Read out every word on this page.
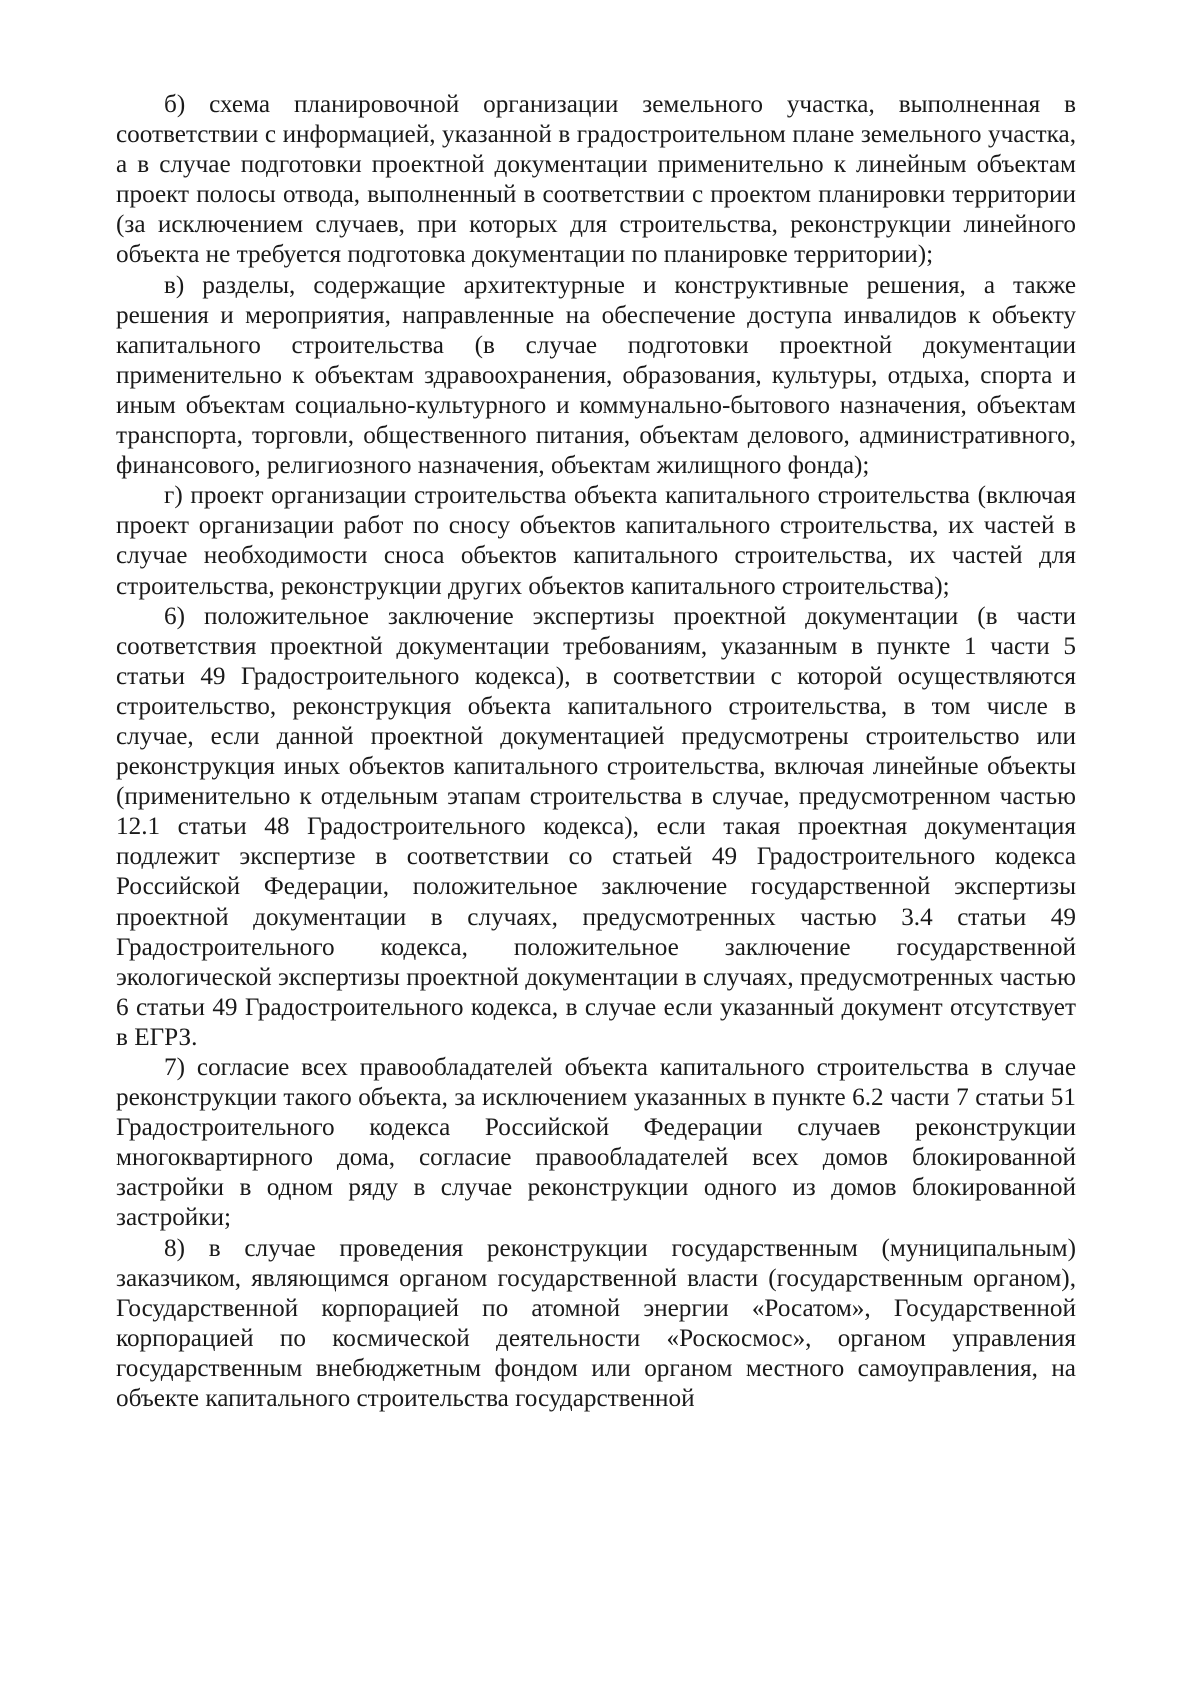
б) схема планировочной организации земельного участка, выполненная в соответствии с информацией, указанной в градостроительном плане земельного участка, а в случае подготовки проектной документации применительно к линейным объектам проект полосы отвода, выполненный в соответствии с проектом планировки территории (за исключением случаев, при которых для строительства, реконструкции линейного объекта не требуется подготовка документации по планировке территории);

в) разделы, содержащие архитектурные и конструктивные решения, а также решения и мероприятия, направленные на обеспечение доступа инвалидов к объекту капитального строительства (в случае подготовки проектной документации применительно к объектам здравоохранения, образования, культуры, отдыха, спорта и иным объектам социально-культурного и коммунально-бытового назначения, объектам транспорта, торговли, общественного питания, объектам делового, административного, финансового, религиозного назначения, объектам жилищного фонда);

г) проект организации строительства объекта капитального строительства (включая проект организации работ по сносу объектов капитального строительства, их частей в случае необходимости сноса объектов капитального строительства, их частей для строительства, реконструкции других объектов капитального строительства);

6) положительное заключение экспертизы проектной документации (в части соответствия проектной документации требованиям, указанным в пункте 1 части 5 статьи 49 Градостроительного кодекса), в соответствии с которой осуществляются строительство, реконструкция объекта капитального строительства, в том числе в случае, если данной проектной документацией предусмотрены строительство или реконструкция иных объектов капитального строительства, включая линейные объекты (применительно к отдельным этапам строительства в случае, предусмотренном частью 12.1 статьи 48 Градостроительного кодекса), если такая проектная документация подлежит экспертизе в соответствии со статьей 49 Градостроительного кодекса Российской Федерации, положительное заключение государственной экспертизы проектной документации в случаях, предусмотренных частью 3.4 статьи 49 Градостроительного кодекса, положительное заключение государственной экологической экспертизы проектной документации в случаях, предусмотренных частью 6 статьи 49 Градостроительного кодекса, в случае если указанный документ отсутствует в ЕГРЗ.

7) согласие всех правообладателей объекта капитального строительства в случае реконструкции такого объекта, за исключением указанных в пункте 6.2 части 7 статьи 51 Градостроительного кодекса Российской Федерации случаев реконструкции многоквартирного дома, согласие правообладателей всех домов блокированной застройки в одном ряду в случае реконструкции одного из домов блокированной застройки;

8) в случае проведения реконструкции государственным (муниципальным) заказчиком, являющимся органом государственной власти (государственным органом), Государственной корпорацией по атомной энергии «Росатом», Государственной корпорацией по космической деятельности «Роскосмос», органом управления государственным внебюджетным фондом или органом местного самоуправления, на объекте капитального строительства государственной
